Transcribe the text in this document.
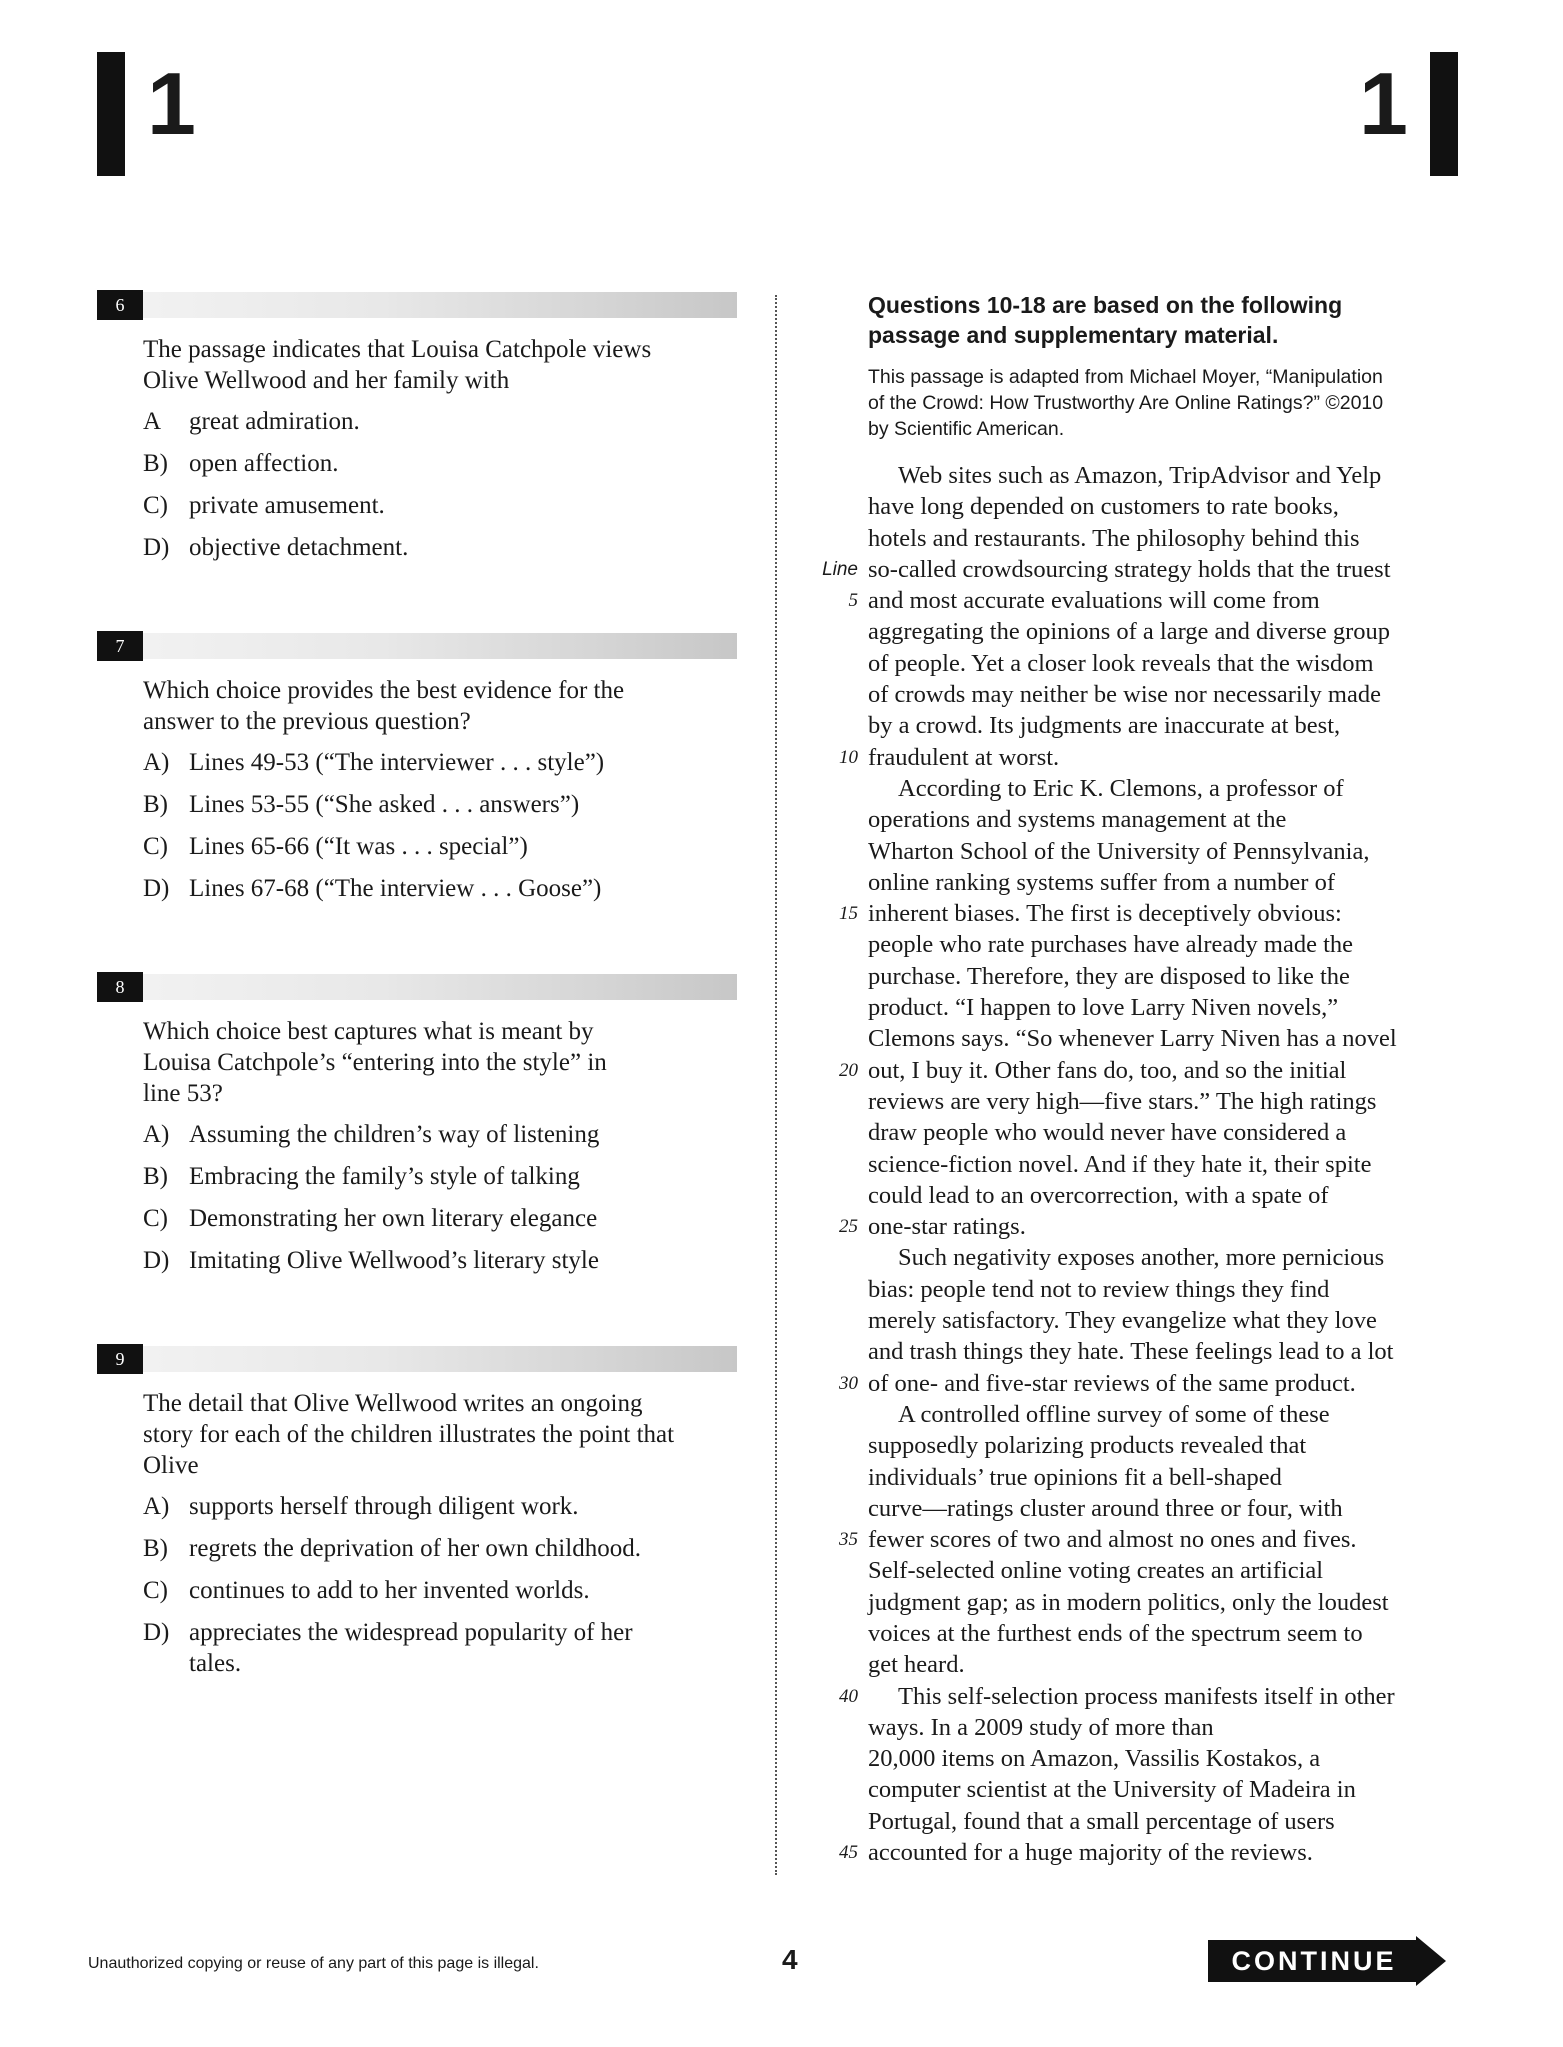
1	1
6
The passage indicates that Louisa Catchpole views
Olive Wellwood and her family with
A	great admiration.
B) open affection.
C) private amusement.
D) objective detachment.
7
Which choice provides the best evidence for the
answer to the previous question?
A) Lines 49-53 (“The interviewer . . . style”)
B) Lines 53-55 (“She asked . . . answers”)
C) Lines 65-66 (“It was . . . special”)
D) Lines 67-68 (“The interview . . . Goose”)
8
Which choice best captures what is meant by
Louisa Catchpole’s “entering into the style” in
line 53?
A) Assuming the children’s way of listening
B) Embracing the family’s style of talking
C) Demonstrating her own literary elegance
D) Imitating Olive Wellwood’s literary style
9
The detail that Olive Wellwood writes an ongoing
story for each of the children illustrates the point that
Olive
A) supports herself through diligent work.
B) regrets the deprivation of her own childhood.
C) continues to add to her invented worlds.
D) appreciates the widespread popularity of her
tales.
Questions 10-18 are based on the following
passage and supplementary material.
This passage is adapted from Michael Moyer, “Manipulation
of the Crowd: How Trustworthy Are Online Ratings?” ©2010
by Scientific American.
Web sites such as Amazon, TripAdvisor and Yelp
have long depended on customers to rate books,
hotels and restaurants. The philosophy behind this
Line so-called crowdsourcing strategy holds that the truest
5 and most accurate evaluations will come from
aggregating the opinions of a large and diverse group
of people. Yet a closer look reveals that the wisdom
of crowds may neither be wise nor necessarily made
by a crowd. Its judgments are inaccurate at best,
10 fraudulent at worst.
According to Eric K. Clemons, a professor of
operations and systems management at the
Wharton School of the University of Pennsylvania,
online ranking systems suffer from a number of
15 inherent biases. The first is deceptively obvious:
people who rate purchases have already made the
purchase. Therefore, they are disposed to like the
product. “I happen to love Larry Niven novels,”
Clemons says. “So whenever Larry Niven has a novel
20 out, I buy it. Other fans do, too, and so the initial
reviews are very high—five stars.” The high ratings
draw people who would never have considered a
science-fiction novel. And if they hate it, their spite
could lead to an overcorrection, with a spate of
25 one-star ratings.
Such negativity exposes another, more pernicious
bias: people tend not to review things they find
merely satisfactory. They evangelize what they love
and trash things they hate. These feelings lead to a lot
30 of one- and five-star reviews of the same product.
A controlled offline survey of some of these
supposedly polarizing products revealed that
individuals’ true opinions fit a bell-shaped
curve—ratings cluster around three or four, with
35 fewer scores of two and almost no ones and fives.
Self-selected online voting creates an artificial
judgment gap; as in modern politics, only the loudest
voices at the furthest ends of the spectrum seem to
get heard.
40 This self-selection process manifests itself in other
ways. In a 2009 study of more than
20,000 items on Amazon, Vassilis Kostakos, a
computer scientist at the University of Madeira in
Portugal, found that a small percentage of users
45 accounted for a huge majority of the reviews.
Unauthorized copying or reuse of any part of this page is illegal.	4	CONTINUE
